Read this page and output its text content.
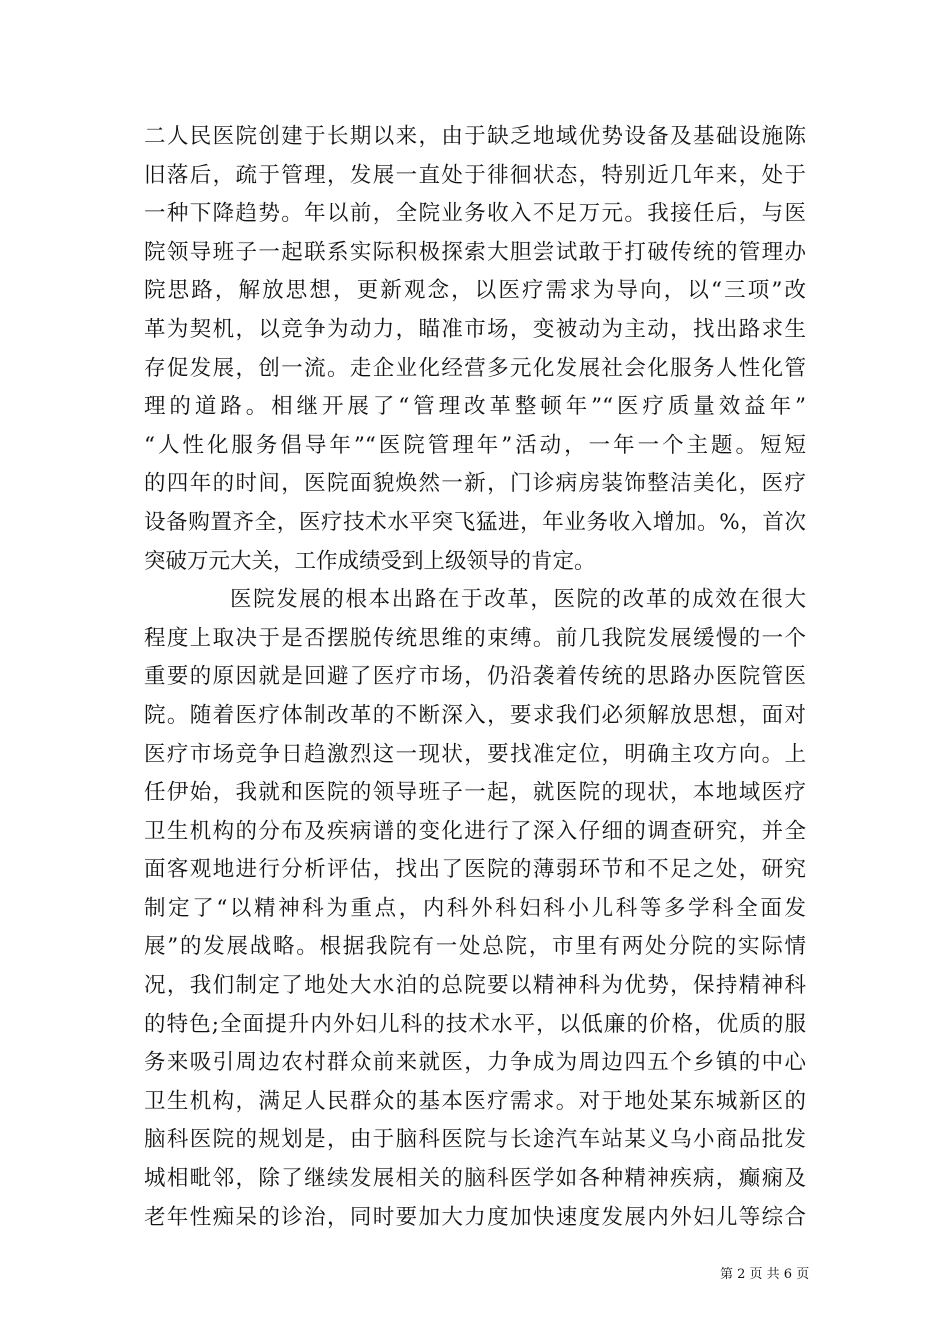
二人民医院创建于长期以来，由于缺乏地域优势设备及基础设施陈
旧落后，疏于管理，发展一直处于徘徊状态，特别近几年来，处于
一种下降趋势。年以前，全院业务收入不足万元。我接任后，与医
院领导班子一起联系实际积极探索大胆尝试敢于打破传统的管理办
院思路，解放思想，更新观念，以医疗需求为导向，以“三项”改
革为契机，以竞争为动力，瞄准市场，变被动为主动，找出路求生
存促发展，创一流。走企业化经营多元化发展社会化服务人性化管
理的道路。相继开展了“管理改革整顿年”“医疗质量效益年”
“人性化服务倡导年”“医院管理年”活动，一年一个主题。短短
的四年的时间，医院面貌焕然一新，门诊病房装饰整洁美化，医疗
设备购置齐全，医疗技术水平突飞猛进，年业务收入增加。%，首次
突破万元大关，工作成绩受到上级领导的肯定。
医院发展的根本出路在于改革，医院的改革的成效在很大
程度上取决于是否摆脱传统思维的束缚。前几我院发展缓慢的一个
重要的原因就是回避了医疗市场，仍沿袭着传统的思路办医院管医
院。随着医疗体制改革的不断深入，要求我们必须解放思想，面对
医疗市场竞争日趋激烈这一现状，要找准定位，明确主攻方向。上
任伊始，我就和医院的领导班子一起，就医院的现状，本地域医疗
卫生机构的分布及疾病谱的变化进行了深入仔细的调查研究，并全
面客观地进行分析评估，找出了医院的薄弱环节和不足之处，研究
制定了“以精神科为重点，内科外科妇科小儿科等多学科全面发
展”的发展战略。根据我院有一处总院，市里有两处分院的实际情
况，我们制定了地处大水泊的总院要以精神科为优势，保持精神科
的特色;全面提升内外妇儿科的技术水平，以低廉的价格，优质的服
务来吸引周边农村群众前来就医，力争成为周边四五个乡镇的中心
卫生机构，满足人民群众的基本医疗需求。对于地处某东城新区的
脑科医院的规划是，由于脑科医院与长途汽车站某义乌小商品批发
城相毗邻，除了继续发展相关的脑科医学如各种精神疾病，癫痫及
老年性痴呆的诊治，同时要加大力度加快速度发展内外妇儿等综合
第 2 页 共 6 页
